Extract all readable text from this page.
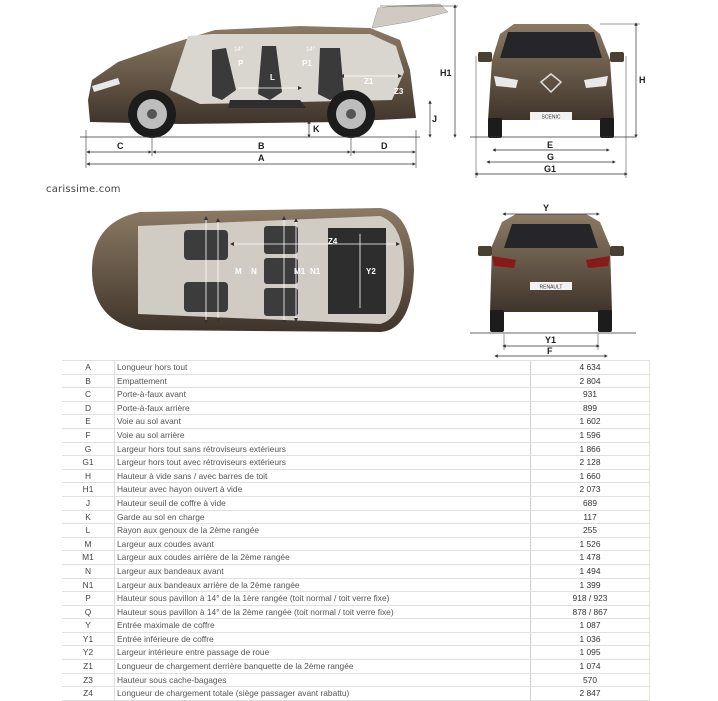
C	B	D
A
K
J
H1
P	P1
L	Z1
Z3
14°	14°
SCENIC
H
E
G
G1
M N	M1 N1
Z4
Y2
RENAULT
Y
Y1
F
carissime.com
A	Longueur hors tout	4 634
B	Empattement	2 804
C	Porte-à-faux avant	931
D	Porte-à-faux arrière	899
E	Voie au sol avant	1 602
F	Voie au sol arrière	1 596
G	Largeur hors tout sans rétroviseurs extérieurs	1 866
G1	Largeur hors tout avec rétroviseurs extérieurs	2 128
H	Hauteur à vide sans / avec barres de toit	1 660
H1	Hauteur avec hayon ouvert à vide	2 073
J	Hauteur seuil de coffre à vide	689
K	Garde au sol en charge	117
L	Rayon aux genoux de la 2ème rangée	255
M	Largeur aux coudes avant	1 526
M1	Largeur aux coudes arrière de la 2ème rangée	1 478
N	Largeur aux bandeaux avant	1 494
N1	Largeur aux bandeaux arrière de la 2ème rangée	1 399
P	Hauteur sous pavillon à 14° de la 1ère rangée (toit normal / toit verre fixe)	918 / 923
Q	Hauteur sous pavillon à 14° de la 2ème rangée (toit normal / toit verre fixe)	878 / 867
Y	Entrée maximale de coffre	1 087
Y1	Entrée inférieure de coffre	1 036
Y2	Largeur intérieure entre passage de roue	1 095
Z1	Longueur de chargement derrière banquette de la 2ème rangée	1 074
Z3	Hauteur sous cache-bagages	570
Z4	Longueur de chargement totale (siège passager avant rabattu)	2 847
